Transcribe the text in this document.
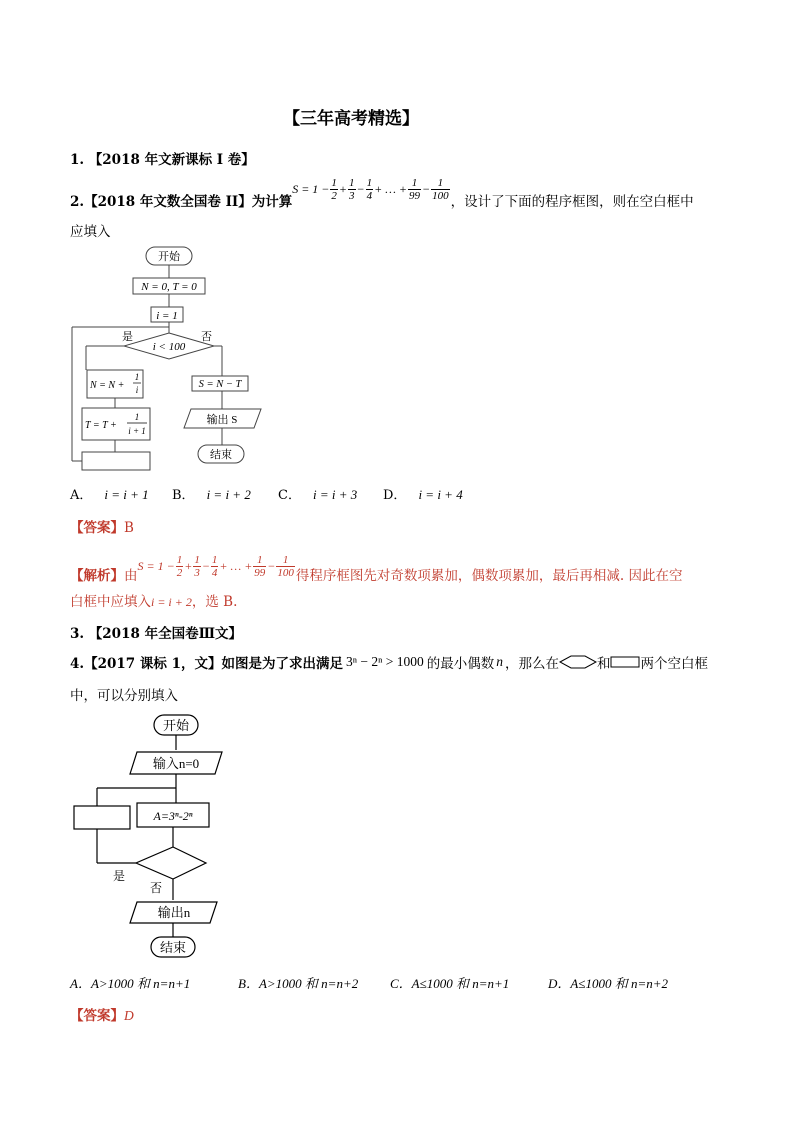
【三年高考精选】
1. 【2018 年文新课标 I 卷】
2.【2018 年文数全国卷 II】为计算
$S = 1 - \frac{1}{2} + \frac{1}{3} - \frac{1}{4}$ + … + $\frac{1}{99} - \frac{1}{100}$
，设计了下面的程序框图，则在空白框中
应填入
开始
N = 0, T = 0
i = 1
i < 100
是	否
N = N +
1
i
T = T +
1
i + 1
S = N − T
输出 S
结束
A． i = i + 1 B． i = i + 2 C． i = i + 3 D． i = i + 4
【答案】B
【解析】 由
$S = 1 - \frac{1}{2} + \frac{1}{3} - \frac{1}{4}$ + … + $\frac{1}{99} - \frac{1}{100}$ 得程序框图先对奇数项累加，偶数项累加，最后再相减. 因此在空
白框中应填入i = i + 2，选 B.
3. 【2018 年全国卷Ⅲ文】
4.【2017 课标 1，文】如图是为了求出满足 3ⁿ − 2ⁿ > 1000 的最小偶数 n ，那么在	和 两个空白框
中，可以分别填入
开始
输入n=0
A=3ⁿ-2ⁿ
是
否
输出n
结束
A．A>1000 和 n=n+1	B．A>1000 和 n=n+2 C．A≤1000 和 n=n+1	D．A≤1000 和 n=n+2
【答案】D
